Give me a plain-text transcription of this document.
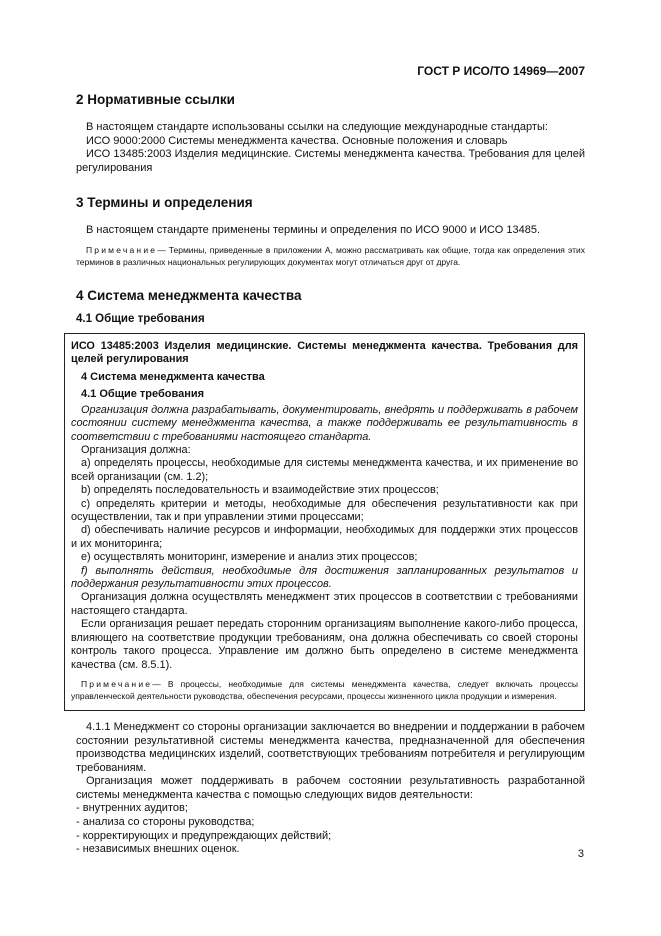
ГОСТ Р ИСО/ТО 14969—2007
2 Нормативные ссылки

В настоящем стандарте использованы ссылки на следующие международные стандарты:

ИСО 9000:2000 Системы менеджмента качества. Основные положения и словарь

ИСО 13485:2003 Изделия медицинские. Системы менеджмента качества. Требования для целей регулирования

3 Термины и определения

В настоящем стандарте применены термины и определения по ИСО 9000 и ИСО 13485.

Примечание— Термины, приведенные в приложении А, можно рассматривать как общие, тогда как определения этих терминов в различных национальных регулирующих документах могут отличаться друг от друга.

4 Система менеджмента качества
4.1 Общие требования

ИСО 13485:2003 Изделия медицинские. Системы менеджмента качества. Требования для целей регулирования

4 Система менеджмента качества
4.1 Общие требования

Организация должна разрабатывать, документировать, внедрять и поддерживать в рабочем состоянии систему менеджмента качества, а также поддерживать ее результативность в соответствии с требованиями настоящего стандарта.

Организация должна:

a) определять процессы, необходимые для системы менеджмента качества, и их применение во всей организации (см. 1.2);

b) определять последовательность и взаимодействие этих процессов;

c) определять критерии и методы, необходимые для обеспечения результативности как при осуществлении, так и при управлении этими процессами;

d) обеспечивать наличие ресурсов и информации, необходимых для поддержки этих процессов и их мониторинга;

e) осуществлять мониторинг, измерение и анализ этих процессов;

f) выполнять действия, необходимые для достижения запланированных результатов и поддержания результативности этих процессов.

Организация должна осуществлять менеджмент этих процессов в соответствии с требованиями настоящего стандарта.

Если организация решает передать сторонним организациям выполнение какого-либо процесса, влияющего на соответствие продукции требованиям, она должна обеспечивать со своей стороны контроль такого процесса. Управление им должно быть определено в системе менеджмента качества (см. 8.5.1).

Примечание— В процессы, необходимые для системы менеджмента качества, следует включать процессы управленческой деятельности руководства, обеспечения ресурсами, процессы жизненного цикла продукции и измерения.

4.1.1 Менеджмент со стороны организации заключается во внедрении и поддержании в рабочем состоянии результативной системы менеджмента качества, предназначенной для обеспечения производства медицинских изделий, соответствующих требованиям потребителя и регулирующим требованиям.

Организация может поддерживать в рабочем состоянии результативность разработанной системы менеджмента качества с помощью следующих видов деятельности:

- внутренних аудитов;
- анализа со стороны руководства;
- корректирующих и предупреждающих действий;
- независимых внешних оценок.	3
